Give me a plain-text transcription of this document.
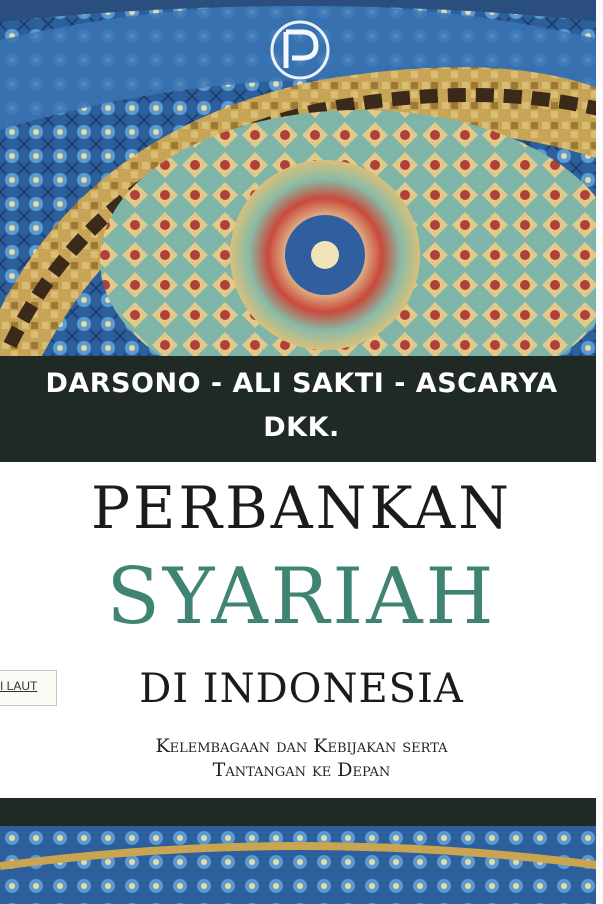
DARSONO - ALI SAKTI - ASCARYA
DKK.
PERBANKAN
SYARIAH
DI INDONESIA
Kelembagaan dan Kebijakan serta
Tantangan ke Depan
I LAUT
